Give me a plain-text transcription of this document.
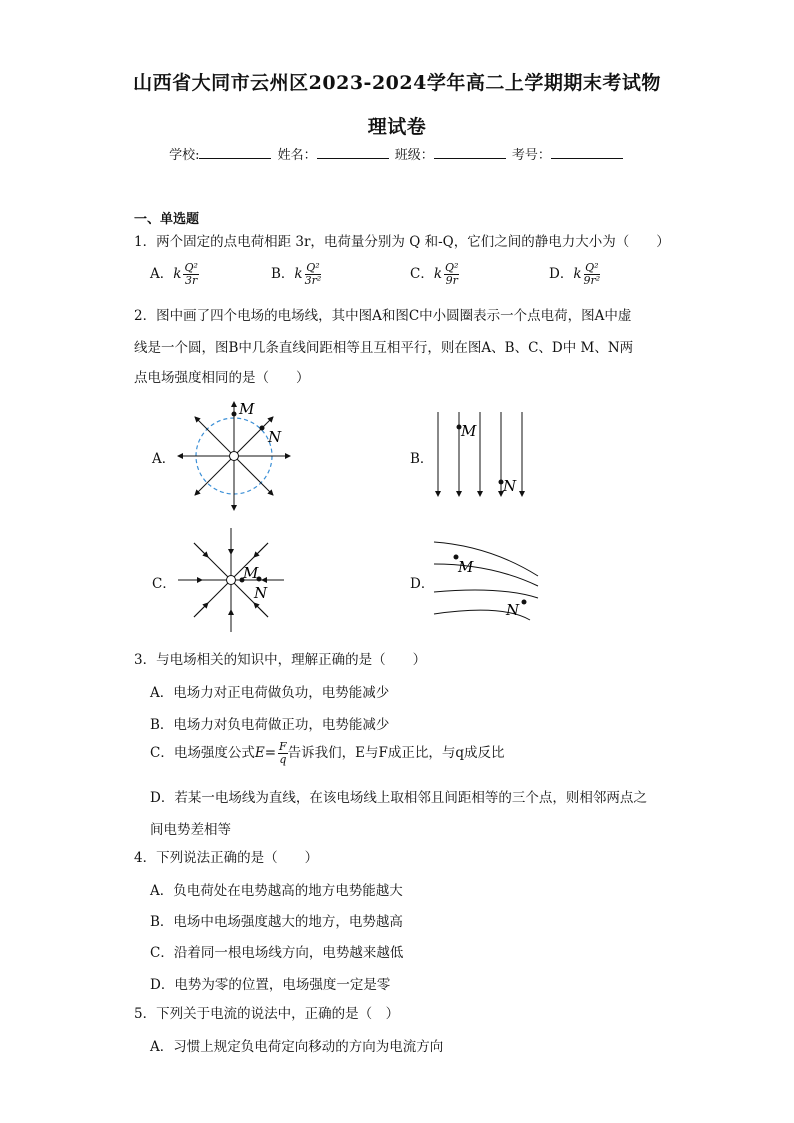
山西省大同市云州区2023-2024学年高二上学期期末考试物
理试卷
学校:	姓名：	班级：	考号：
一、单选题
1．两个固定的点电荷相距 3r，电荷量分别为 Q 和-Q，它们之间的静电力大小为（　　）
A．k $\frac{\text{Q²}}{3r}$	B．k $\frac{\text{Q²}}{\text{3r²}}$	C．k $\frac{\text{Q²}}{9r}$	D．k $\frac{\text{Q²}}{\text{9r²}}$
2．图中画了四个电场的电场线，其中图A和图C中小圆圈表示一个点电荷，图A中虚
线是一个圆，图B中几条直线间距相等且互相平行，则在图A、B、C、D中 M、N两
点电场强度相同的是（　　）
A．	B．
C．	D．
M
N	M
N
M
N
M
N
3．与电场相关的知识中，理解正确的是（　　）
A．电场力对正电荷做负功，电势能减少
B．电场力对负电荷做正功，电势能减少
C．电场强度公式$E= \frac{F}{q}$ 告诉我们，E与F成正比，与q成反比
D．若某一电场线为直线，在该电场线上取相邻且间距相等的三个点，则相邻两点之
间电势差相等
4．下列说法正确的是（　　）
A．负电荷处在电势越高的地方电势能越大
B．电场中电场强度越大的地方，电势越高
C．沿着同一根电场线方向，电势越来越低
D．电势为零的位置，电场强度一定是零
5．下列关于电流的说法中，正确的是（　）
A．习惯上规定负电荷定向移动的方向为电流方向
